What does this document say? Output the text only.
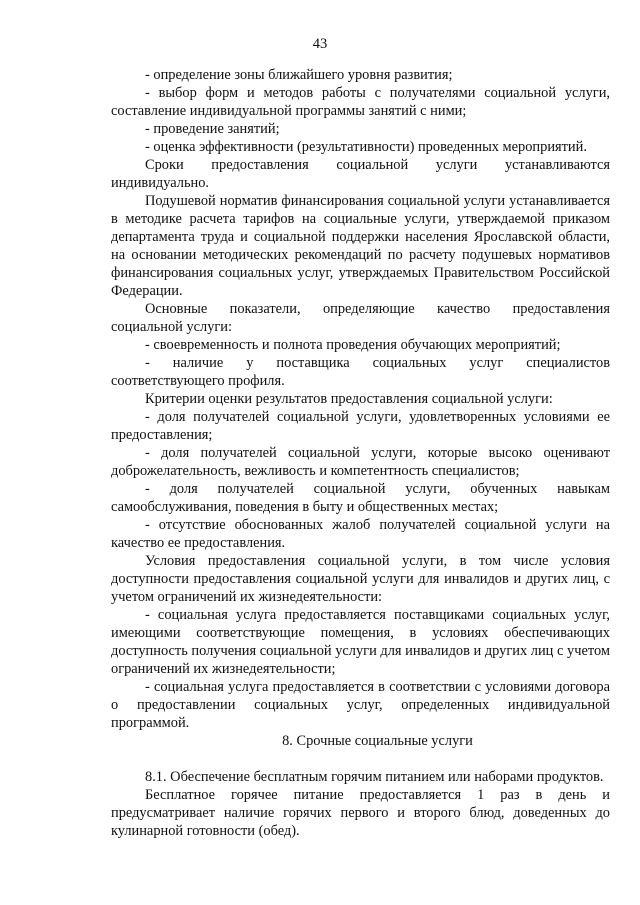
43

- определение зоны ближайшего уровня развития;

- выбор форм и методов работы с получателями социальной услуги, составление индивидуальной программы занятий с ними;

- проведение занятий;

- оценка эффективности (результативности) проведенных мероприятий.

Сроки предоставления социальной услуги устанавливаются индивидуально.

Подушевой норматив финансирования социальной услуги устанавливается в методике расчета тарифов на социальные услуги, утверждаемой приказом департамента труда и социальной поддержки населения Ярославской области, на основании методических рекомендаций по расчету подушевых нормативов финансирования социальных услуг, утверждаемых Правительством Российской Федерации.

Основные показатели, определяющие качество предоставления социальной услуги:

- своевременность и полнота проведения обучающих мероприятий;

- наличие у поставщика социальных услуг специалистов соответствующего профиля.

Критерии оценки результатов предоставления социальной услуги:

- доля получателей социальной услуги, удовлетворенных условиями ее предоставления;

- доля получателей социальной услуги, которые высоко оценивают доброжелательность, вежливость и компетентность специалистов;

- доля получателей социальной услуги, обученных навыкам самообслуживания, поведения в быту и общественных местах;

- отсутствие обоснованных жалоб получателей социальной услуги на качество ее предоставления.

Условия предоставления социальной услуги, в том числе условия доступности предоставления социальной услуги для инвалидов и других лиц, с учетом ограничений их жизнедеятельности:

- социальная услуга предоставляется поставщиками социальных услуг, имеющими соответствующие помещения, в условиях обеспечивающих доступность получения социальной услуги для инвалидов и других лиц с учетом ограничений их жизнедеятельности;

- социальная услуга предоставляется в соответствии с условиями договора о предоставлении социальных услуг, определенных индивидуальной программой.

8. Срочные социальные услуги

8.1. Обеспечение бесплатным горячим питанием или наборами продуктов.

Бесплатное горячее питание предоставляется 1 раз в день и предусматривает наличие горячих первого и второго блюд, доведенных до кулинарной готовности (обед).
